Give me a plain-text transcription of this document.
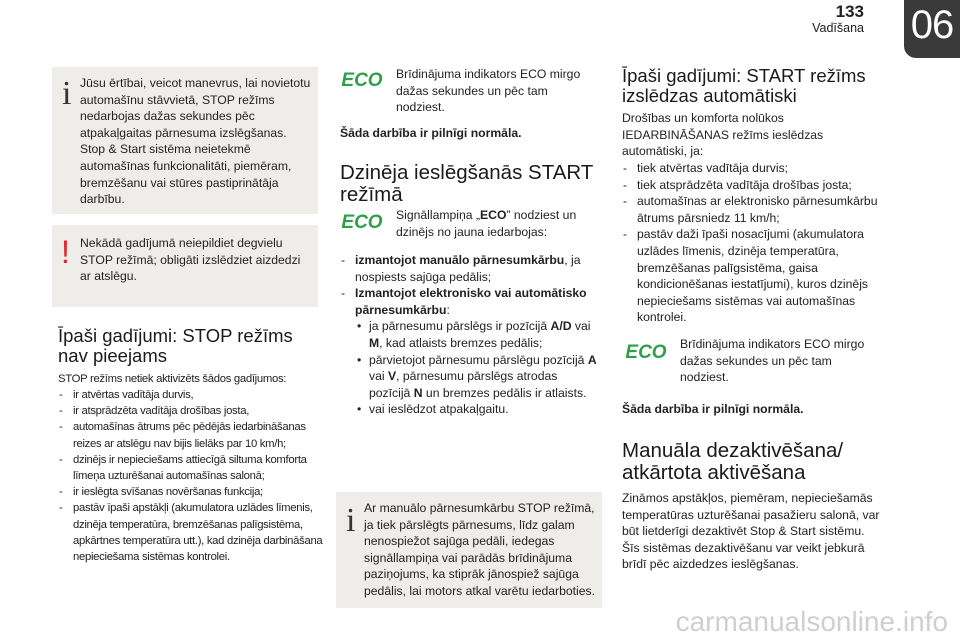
133
Vadīšana 06
i Jūsu ērtībai, veicot manevrus, lai novietotu automašīnu stāvvietā, STOP režīms nedarbojas dažas sekundes pēc atpakaļgaitas pārnesuma izslēgšanas. Stop & Start sistēma neietekmē automašīnas funkcionalitāti, piemēram, bremzēšanu vai stūres pastiprinātāja darbību.

! Nekādā gadījumā neiepildiet degvielu STOP režīmā; obligāti izslēdziet aizdedzi ar atslēgu.

Īpaši gadījumi: STOP režīms nav pieejams

STOP režīms netiek aktivizēts šādos gadījumos:

- ir atvērtas vadītāja durvis,
- ir atsprādzēta vadītāja drošības josta,
- automašīnas ātrums pēc pēdējās iedarbināšanas reizes ar atslēgu nav bijis lielāks par 10 km/h;
- dzinējs ir nepieciešams attiecīgā siltuma komforta līmeņa uzturēšanai automašīnas salonā;
- ir ieslēgta svīšanas novēršanas funkcija;
- pastāv īpaši apstākļi (akumulatora uzlādes līmenis, dzinēja temperatūra, bremzēšanas palīgsistēma, apkārtnes temperatūra utt.), kad dzinēja darbināšana nepieciešama sistēmas kontrolei.
ECO Brīdinājuma indikators ECO mirgo dažas sekundes un pēc tam nodziest.

Šāda darbība ir pilnīgi normāla.

Dzinēja ieslēgšanās START režīmā
ECO Signāllampiņa „ECO” nodziest un dzinējs no jauna iedarbojas:

- izmantojot manuālo pārnesumkārbu, ja nospiests sajūga pedālis;
- Izmantojot elektronisko vai automātisko pārnesumkārbu:
• ja pārnesumu pārslēgs ir pozīcijā A/D vai M, kad atlaists bremzes pedālis;
• pārvietojot pārnesumu pārslēgu pozīcijā A vai V, pārnesumu pārslēgs atrodas pozīcijā N un bremzes pedālis ir atlaists.
• vai ieslēdzot atpakaļgaitu.
i Ar manuālo pārnesumkārbu STOP režīmā, ja tiek pārslēgts pārnesums, līdz galam nenospiežot sajūga pedāli, iedegas signāllampiņa vai parādās brīdinājuma paziņojums, ka stiprāk jānospiež sajūga pedālis, lai motors atkal varētu iedarboties.

Īpaši gadījumi: START režīms izslēdzas automātiski

Drošības un komforta nolūkos IEDARBINĀŠANAS režīms ieslēdzas automātiski, ja:

- tiek atvērtas vadītāja durvis;
- tiek atsprādzēta vadītāja drošības josta;
- automašīnas ar elektronisko pārnesumkārbu ātrums pārsniedz 11 km/h;
- pastāv daži īpaši nosacījumi (akumulatora uzlādes līmenis, dzinēja temperatūra, bremzēšanas palīgsistēma, gaisa kondicionēšanas iestatījumi), kuros dzinējs nepieciešams sistēmas vai automašīnas kontrolei.
ECO Brīdinājuma indikators ECO mirgo dažas sekundes un pēc tam nodziest.

Šāda darbība ir pilnīgi normāla.

Manuāla dezaktivēšana/ atkārtota aktivēšana

Zināmos apstākļos, piemēram, nepieciešamās temperatūras uzturēšanai pasažieru salonā, var būt lietderīgi dezaktivēt Stop & Start sistēmu. Šīs sistēmas dezaktivēšanu var veikt jebkurā brīdī pēc aizdedzes ieslēgšanas.

carmanualsonline.info
